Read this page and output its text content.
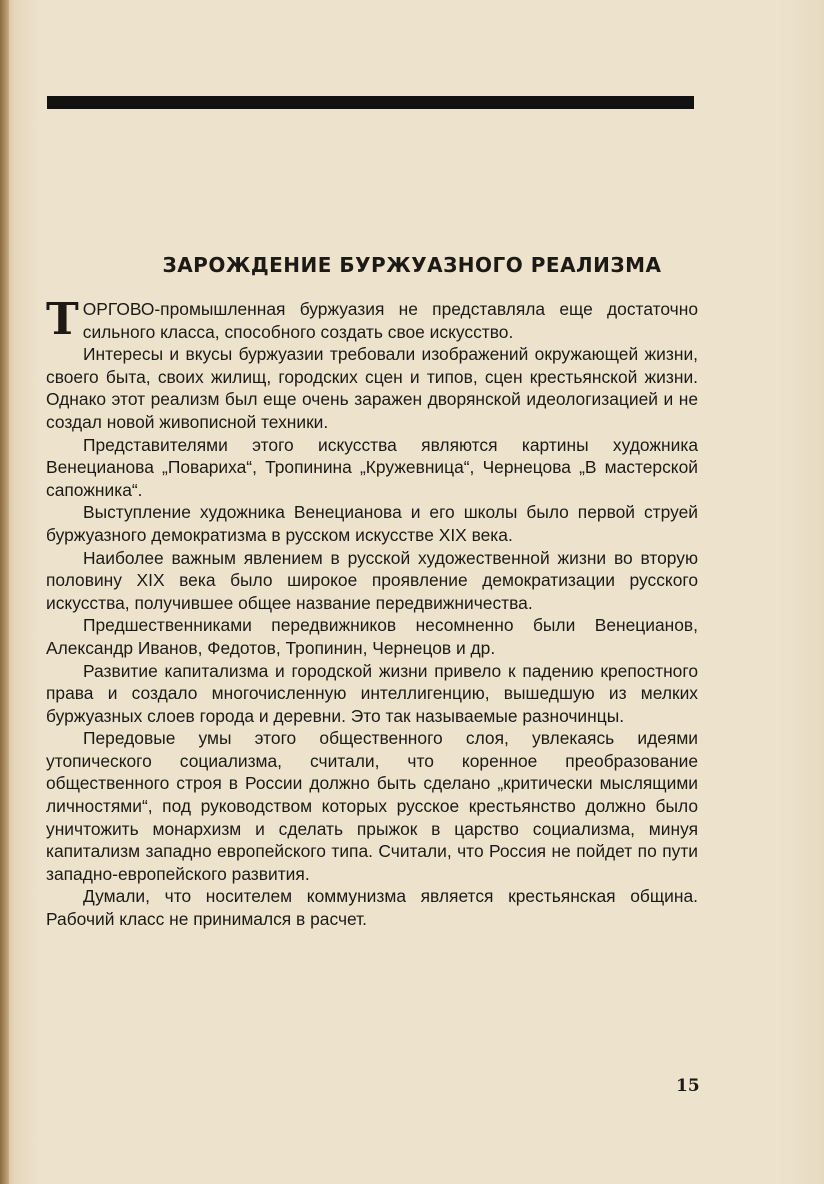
ЗАРОЖДЕНИЕ БУРЖУАЗНОГО РЕАЛИЗМА

ТОРГОВО-промышленная буржуазия не представляла еще достаточно сильного класса, способного создать свое искусство.

Интересы и вкусы буржуазии требовали изображений окружающей жизни, своего быта, своих жилищ, городских сцен и типов, сцен крестьянской жизни. Однако этот реализм был еще очень заражен дворянской идеологизацией и не создал новой живописной техники.

Представителями этого искусства являются картины художника Венецианова „Повариха“, Тропинина „Кружевница“, Чернецова „В мастерской сапожника“.

Выступление художника Венецианова и его школы было первой струей буржуазного демократизма в русском искусстве XIX века.

Наиболее важным явлением в русской художественной жизни во вторую половину XIX века было широкое проявление демократизации русского искусства, получившее общее название передвижничества.

Предшественниками передвижников несомненно были Венецианов, Александр Иванов, Федотов, Тропинин, Чернецов и др.

Развитие капитализма и городской жизни привело к падению крепостного права и создало многочисленную интеллигенцию, вышедшую из мелких буржуазных слоев города и деревни. Это так называемые разночинцы.

Передовые умы этого общественного слоя, увлекаясь идеями утопического социализма, считали, что коренное преобразование общественного строя в России должно быть сделано „критически мыслящими личностями“, под руководством которых русское крестьянство должно было уничтожить монархизм и сделать прыжок в царство социализма, минуя капитализм западно европейского типа. Считали, что Россия не пойдет по пути западно-европейского развития.

Думали, что носителем коммунизма является крестьянская община. Рабочий класс не принимался в расчет.

15
